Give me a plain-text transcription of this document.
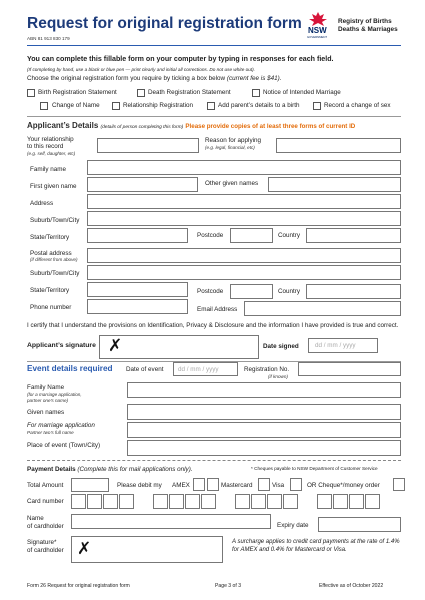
Request for original registration form
ABN 81 913 830 179
NSW
GOVERNMENT
Registry of Births
Deaths & Marriages
You can complete this fillable form on your computer by typing in responses for each field.
(If completing by hand, use a black or blue pen — print clearly and initial all corrections. Do not use white out).
Choose the original registration form you require by ticking a box below (current fee is $41).
Birth Registration Statement	Death Registration Statement	Notice of Intended Marriage
Change of Name	Relationship Registration	Add parent’s details to a birth	Record a change of sex
Applicant’s Details (details of person completing this form) Please provide copies of at least three forms of current ID
Your relationship
to this record
(e.g. self, daughter, etc)
Reason for applying
(e.g. legal, financial, etc)
Family name
First given name	Other given names
Address
Suburb/Town/City
State/Territory	Postcode	Country
Postal address
(if different from above)
Suburb/Town/City
State/Territory	Postcode	Country
Phone number	Email Address
I certify that I understand the provisions on Identification, Privacy & Disclosure and the information I have provided is true and correct.
Applicant’s signature ✗	Date signed	dd / mm / yyyy
Event details required Date of event dd / mm / yyyy	Registration No.
(if known)
Family Name
(for a marriage application,
partner one’s name)
Given names
For marriage application
Partner two’s full name
Place of event (Town/City)
Payment Details (Complete this for mail applications only).	* Cheques payable to NSW Department of Customer Service
Total Amount	Please debit my AMEX	Mastercard	Visa	OR Cheque*/money order
Card number
Name
of cardholder	Expiry date
Signature*
of cardholder ✗	A surcharge applies to credit card payments at the rate of 1.4% for AMEX and 0.4% for Mastercard or Visa.
Form 26 Request for original registration form	Page 3 of 3	Effective as of October 2022
